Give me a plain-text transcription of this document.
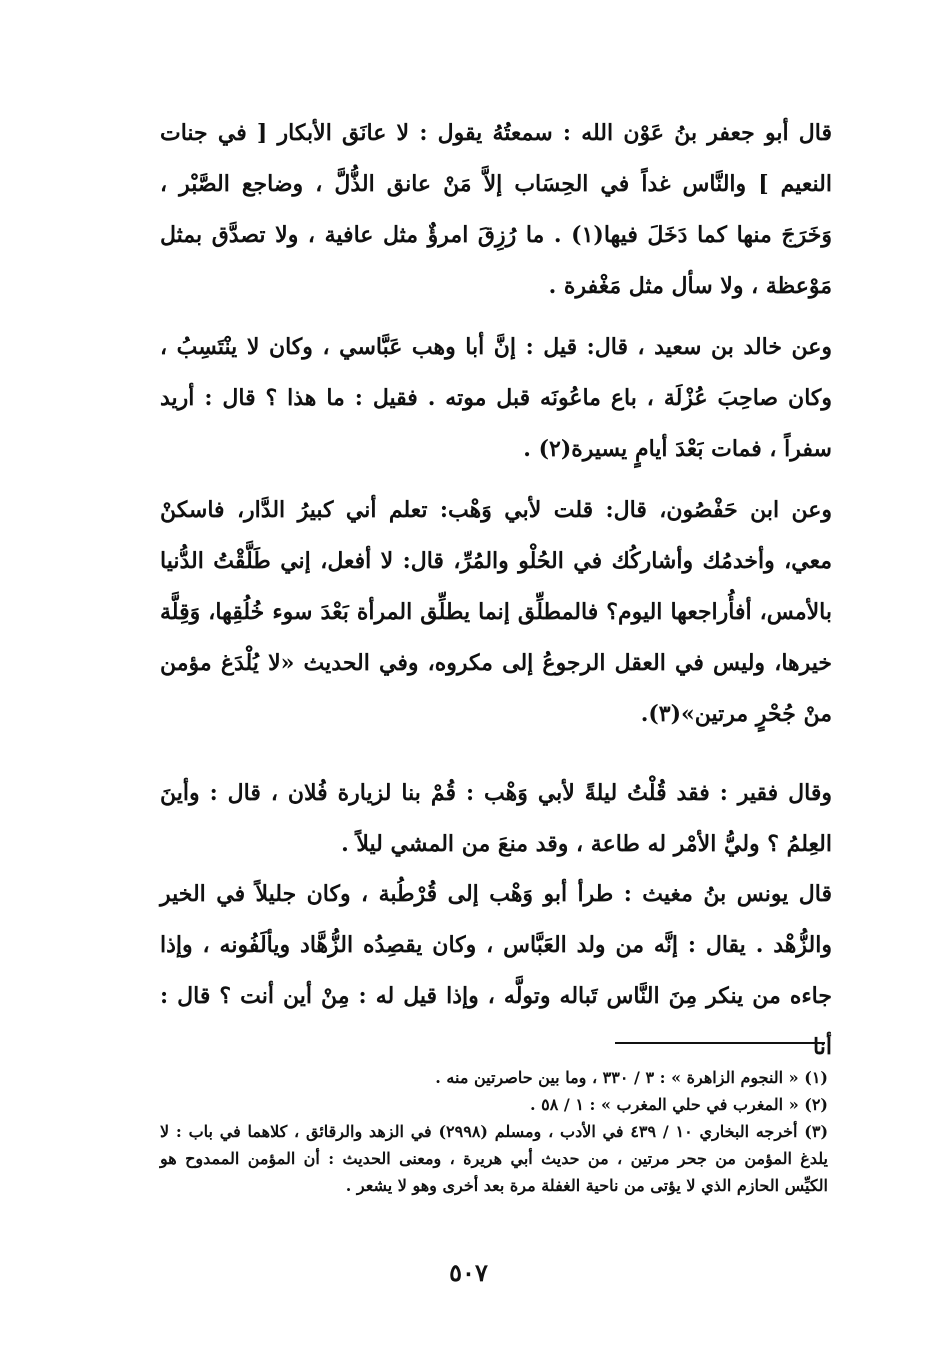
قال أبو جعفر بنُ عَوْن الله : سمعتُهُ يقول : لا عانَق الأبكار [ في جنات النعيم ] والنَّاس غداً في الحِسَاب إلاَّ مَنْ عانق الذُّلَّ ، وضاجع الصَّبْر ، وَخَرَجَ منها كما دَخَلَ فيها(١) . ما رُزِقَ امرؤٌ مثل عافية ، ولا تصدَّق بمثل مَوْعظة ، ولا سأل مثل مَغْفرة .

وعن خالد بن سعيد ، قال: قيل : إنَّ أبا وهب عَبَّاسي ، وكان لا ينْتَسِبُ ، وكان صاحِبَ عُزْلَة ، باع ماعُونَه قبل موته . فقيل : ما هذا ؟ قال : أريد سفراً ، فمات بَعْدَ أيامٍ يسيرة(٢) .

وعن ابن حَفْصُون، قال: قلت لأبي وَهْب: تعلم أني كبيرُ الدَّار، فاسكنْ معي، وأخدمُك وأشاركُك في الحُلْو والمُرِّ، قال: لا أفعل، إني طَلَّقْتُ الدُّنيا بالأمس، أفأُراجعها اليوم؟ فالمطلِّق إنما يطلِّق المرأة بَعْدَ سوء خُلُقِها، وَقِلَّة خيرها، وليس في العقل الرجوعُ إلى مكروه، وفي الحديث «لا يُلْدَغ مؤمن منْ جُحْرٍ مرتين»(٣).

وقال فقير : فقد قُلْتُ ليلةً لأبي وَهْب : قُمْ بنا لزيارة فُلان ، قال : وأينَ العِلمُ ؟ وليُّ الأمْر له طاعة ، وقد منعَ من المشي ليلاً .

قال يونس بنُ مغيث : طرأ أبو وَهْب إلى قُرْطُبة ، وكان جليلاً في الخير والزُّهْد . يقال : إنَّه من ولد العَبَّاس ، وكان يقصِدُه الزُّهَّاد ويألَفُونه ، وإذا جاءه من ينكر مِنَ النَّاس تَباله وتولَّه ، وإذا قيل له : مِنْ أين أنت ؟ قال : أنا

(١) « النجوم الزاهرة » : ٣ / ٣٣٠ ، وما بين حاصرتين منه .
(٢) « المغرب في حلي المغرب » : ١ / ٥٨ .
(٣) أخرجه البخاري ١٠ / ٤٣٩ في الأدب ، ومسلم (٢٩٩٨) في الزهد والرقائق ، كلاهما في باب : لا يلدغ المؤمن من جحر مرتين ، من حديث أبي هريرة ، ومعنى الحديث : أن المؤمن الممدوح هو الكيِّس الحازم الذي لا يؤتى من ناحية الغفلة مرة بعد أخرى وهو لا يشعر .
٥٠٧
